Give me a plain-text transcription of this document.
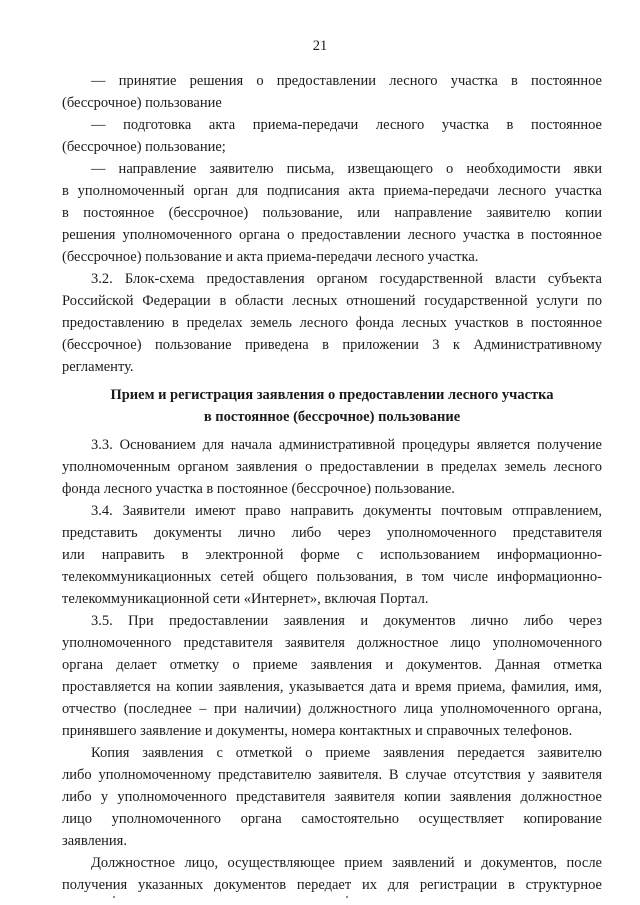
21
— принятие решения о предоставлении лесного участка в постоянное
(бессрочное) пользование
— подготовка акта приема-передачи лесного участка в постоянное
(бессрочное) пользование;
— направление заявителю письма, извещающего о необходимости явки
в уполномоченный орган для подписания акта приема-передачи лесного участка
в постоянное (бессрочное) пользование, или направление заявителю копии
решения уполномоченного органа о предоставлении лесного участка в постоянное
(бессрочное) пользование и акта приема-передачи лесного участка.
3.2. Блок-схема предоставления органом государственной власти субъекта
Российской Федерации в области лесных отношений государственной услуги по
предоставлению в пределах земель лесного фонда лесных участков в постоянное
(бессрочное) пользование приведена в приложении 3 к Административному
регламенту.
Прием и регистрация заявления о предоставлении лесного участка
в постоянное (бессрочное) пользование
3.3. Основанием для начала административной процедуры является получение
уполномоченным органом заявления о предоставлении в пределах земель лесного
фонда лесного участка в постоянное (бессрочное) пользование.
3.4. Заявители имеют право направить документы почтовым отправлением,
представить документы лично либо через уполномоченного представителя
или направить в электронной форме с использованием информационно-
телекоммуникационных сетей общего пользования, в том числе информационно-
телекоммуникационной сети «Интернет», включая Портал.
3.5. При предоставлении заявления и документов лично либо через
уполномоченного представителя заявителя должностное лицо уполномоченного
органа делает отметку о приеме заявления и документов. Данная отметка
проставляется на копии заявления, указывается дата и время приема, фамилия, имя,
отчество (последнее – при наличии) должностного лица уполномоченного органа,
принявшего заявление и документы, номера контактных и справочных телефонов.
Копия заявления с отметкой о приеме заявления передается заявителю
либо уполномоченному представителю заявителя. В случае отсутствия у заявителя
либо у уполномоченного представителя заявителя копии заявления должностное
лицо уполномоченного органа самостоятельно осуществляет копирование
заявления.
Должностное лицо, осуществляющее прием заявлений и документов, после
получения указанных документов передает их для регистрации в структурное
